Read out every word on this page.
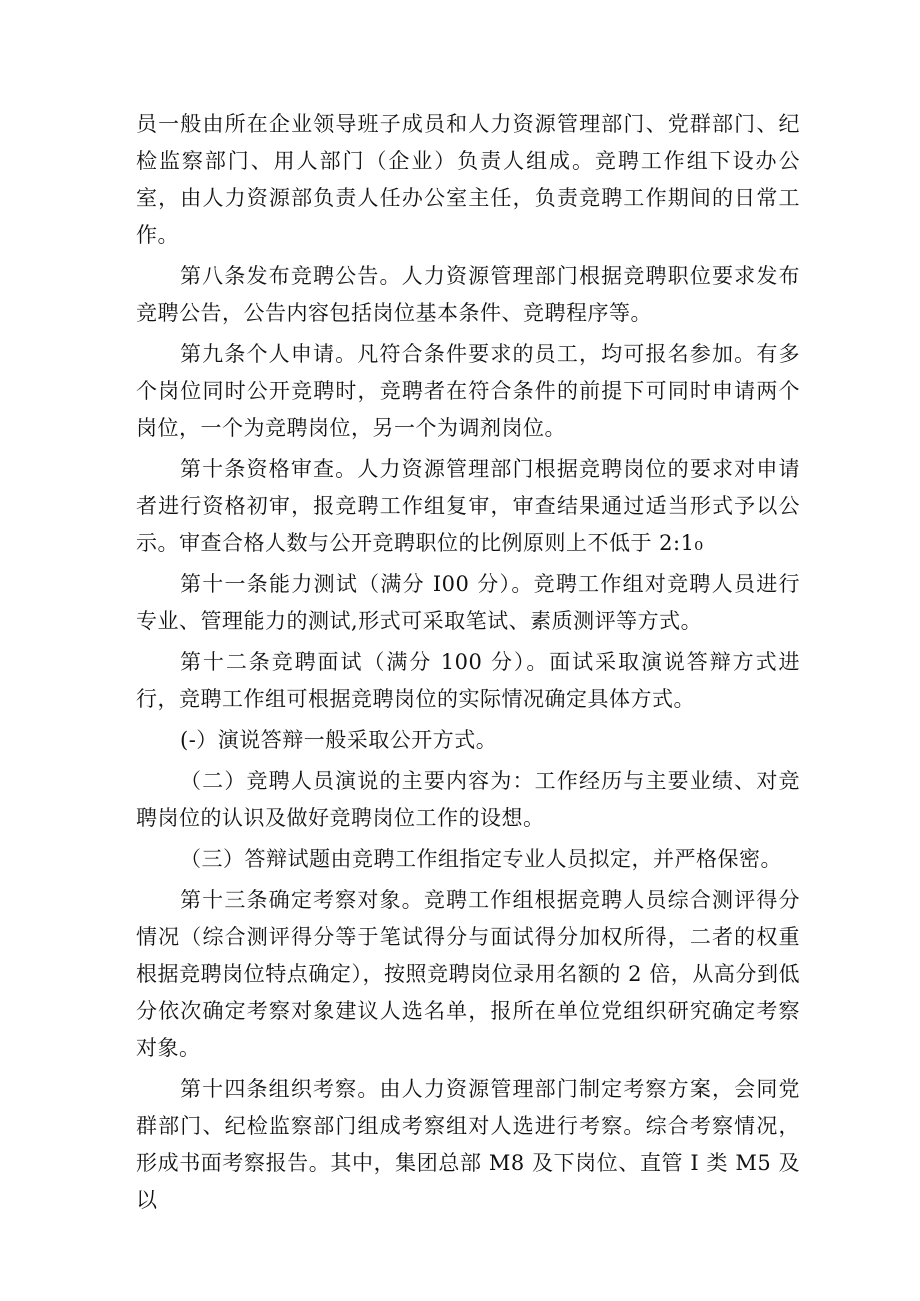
员一般由所在企业领导班子成员和人力资源管理部门、党群部门、纪检监察部门、用人部门（企业）负责人组成。竞聘工作组下设办公室，由人力资源部负责人任办公室主任，负责竞聘工作期间的日常工作。

第八条发布竞聘公告。人力资源管理部门根据竞聘职位要求发布竞聘公告，公告内容包括岗位基本条件、竞聘程序等。

第九条个人申请。凡符合条件要求的员工，均可报名参加。有多个岗位同时公开竞聘时，竞聘者在符合条件的前提下可同时申请两个岗位，一个为竞聘岗位，另一个为调剂岗位。

第十条资格审查。人力资源管理部门根据竞聘岗位的要求对申请者进行资格初审，报竞聘工作组复审，审查结果通过适当形式予以公示。审查合格人数与公开竞聘职位的比例原则上不低于 2:1₀

第十一条能力测试（满分 I00 分）。竞聘工作组对竞聘人员进行专业、管理能力的测试,形式可采取笔试、素质测评等方式。

第十二条竞聘面试（满分 100 分）。面试采取演说答辩方式进行，竞聘工作组可根据竞聘岗位的实际情况确定具体方式。

(-）演说答辩一般采取公开方式。

（二）竞聘人员演说的主要内容为：工作经历与主要业绩、对竞聘岗位的认识及做好竞聘岗位工作的设想。

（三）答辩试题由竞聘工作组指定专业人员拟定，并严格保密。

第十三条确定考察对象。竞聘工作组根据竞聘人员综合测评得分情况（综合测评得分等于笔试得分与面试得分加权所得，二者的权重根据竞聘岗位特点确定），按照竞聘岗位录用名额的 2 倍，从高分到低分依次确定考察对象建议人选名单，报所在单位党组织研究确定考察对象。

第十四条组织考察。由人力资源管理部门制定考察方案，会同党群部门、纪检监察部门组成考察组对人选进行考察。综合考察情况，形成书面考察报告。其中，集团总部 M8 及下岗位、直管 I 类 M5 及以
